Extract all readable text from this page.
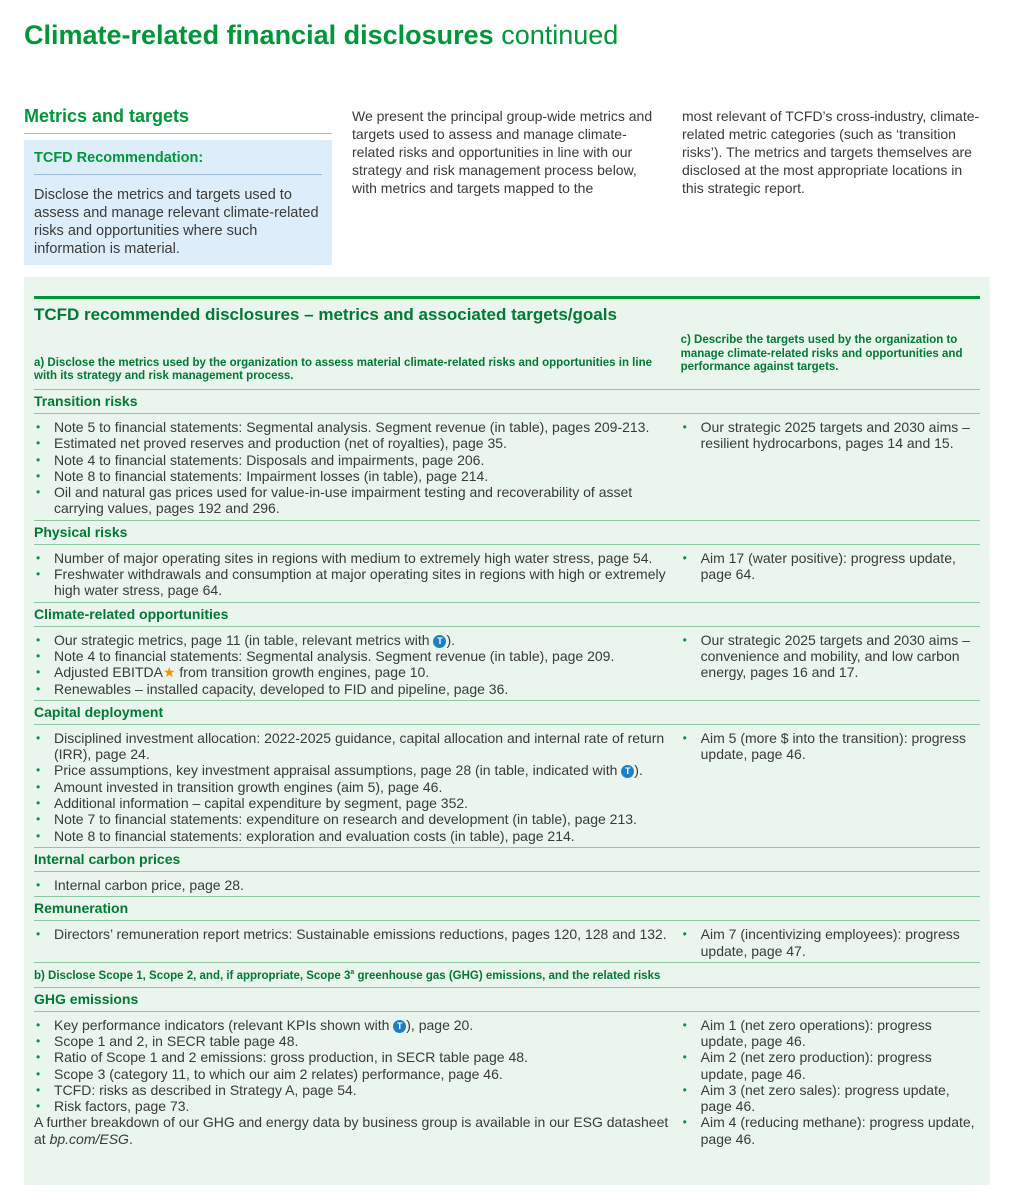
Climate-related financial disclosures continued
Metrics and targets
TCFD Recommendation:
Disclose the metrics and targets used to assess and manage relevant climate-related risks and opportunities where such information is material.
We present the principal group-wide metrics and targets used to assess and manage climate-related risks and opportunities in line with our strategy and risk management process below, with metrics and targets mapped to the
most relevant of TCFD’s cross-industry, climate-related metric categories (such as ‘transition risks’). The metrics and targets themselves are disclosed at the most appropriate locations in this strategic report.
TCFD recommended disclosures – metrics and associated targets/goals
a) Disclose the metrics used by the organization to assess material climate-related risks and opportunities in line with its strategy and risk management process.
c) Describe the targets used by the organization to manage climate-related risks and opportunities and performance against targets.
Transition risks
• Note 5 to financial statements: Segmental analysis. Segment revenue (in table), pages 209-213.
• Estimated net proved reserves and production (net of royalties), page 35.
• Note 4 to financial statements: Disposals and impairments, page 206.
• Note 8 to financial statements: Impairment losses (in table), page 214.
• Oil and natural gas prices used for value-in-use impairment testing and recoverability of asset carrying values, pages 192 and 296.
• Our strategic 2025 targets and 2030 aims – resilient hydrocarbons, pages 14 and 15.
Physical risks
• Number of major operating sites in regions with medium to extremely high water stress, page 54.
• Freshwater withdrawals and consumption at major operating sites in regions with high or extremely high water stress, page 64.
• Aim 17 (water positive): progress update, page 64.
Climate-related opportunities
• Our strategic metrics, page 11 (in table, relevant metrics with T ).
• Note 4 to financial statements: Segmental analysis. Segment revenue (in table), page 209.
• Adjusted EBITDA★ from transition growth engines, page 10.
• Renewables – installed capacity, developed to FID and pipeline, page 36.
• Our strategic 2025 targets and 2030 aims – convenience and mobility, and low carbon energy, pages 16 and 17.
Capital deployment
• Disciplined investment allocation: 2022-2025 guidance, capital allocation and internal rate of return (IRR), page 24.
• Price assumptions, key investment appraisal assumptions, page 28 (in table, indicated with T ).
• Amount invested in transition growth engines (aim 5), page 46.
• Additional information – capital expenditure by segment, page 352.
• Note 7 to financial statements: expenditure on research and development (in table), page 213.
• Note 8 to financial statements: exploration and evaluation costs (in table), page 214.
• Aim 5 (more $ into the transition): progress update, page 46.
Internal carbon prices
• Internal carbon price, page 28.
Remuneration
• Directors’ remuneration report metrics: Sustainable emissions reductions, pages 120, 128 and 132.
•	Aim 7 (incentivizing employees): progress update, page 47.
b) Disclose Scope 1, Scope 2, and, if appropriate, Scope 3$^a$ greenhouse gas (GHG) emissions, and the related risks
GHG emissions
• Key performance indicators (relevant KPIs shown with T ), page 20.
• Scope 1 and 2, in SECR table page 48.
• Ratio of Scope 1 and 2 emissions: gross production, in SECR table page 48.
• Scope 3 (category 11, to which our aim 2 relates) performance, page 46.
• TCFD: risks as described in Strategy A, page 54.
• Risk factors, page 73.
A further breakdown of our GHG and energy data by business group is available in our ESG datasheet at bp.com/ESG.
• Aim 1 (net zero operations): progress update, page 46.
• Aim 2 (net zero production): progress update, page 46.
• Aim 3 (net zero sales): progress update, page 46.
• Aim 4 (reducing methane): progress update, page 46.
